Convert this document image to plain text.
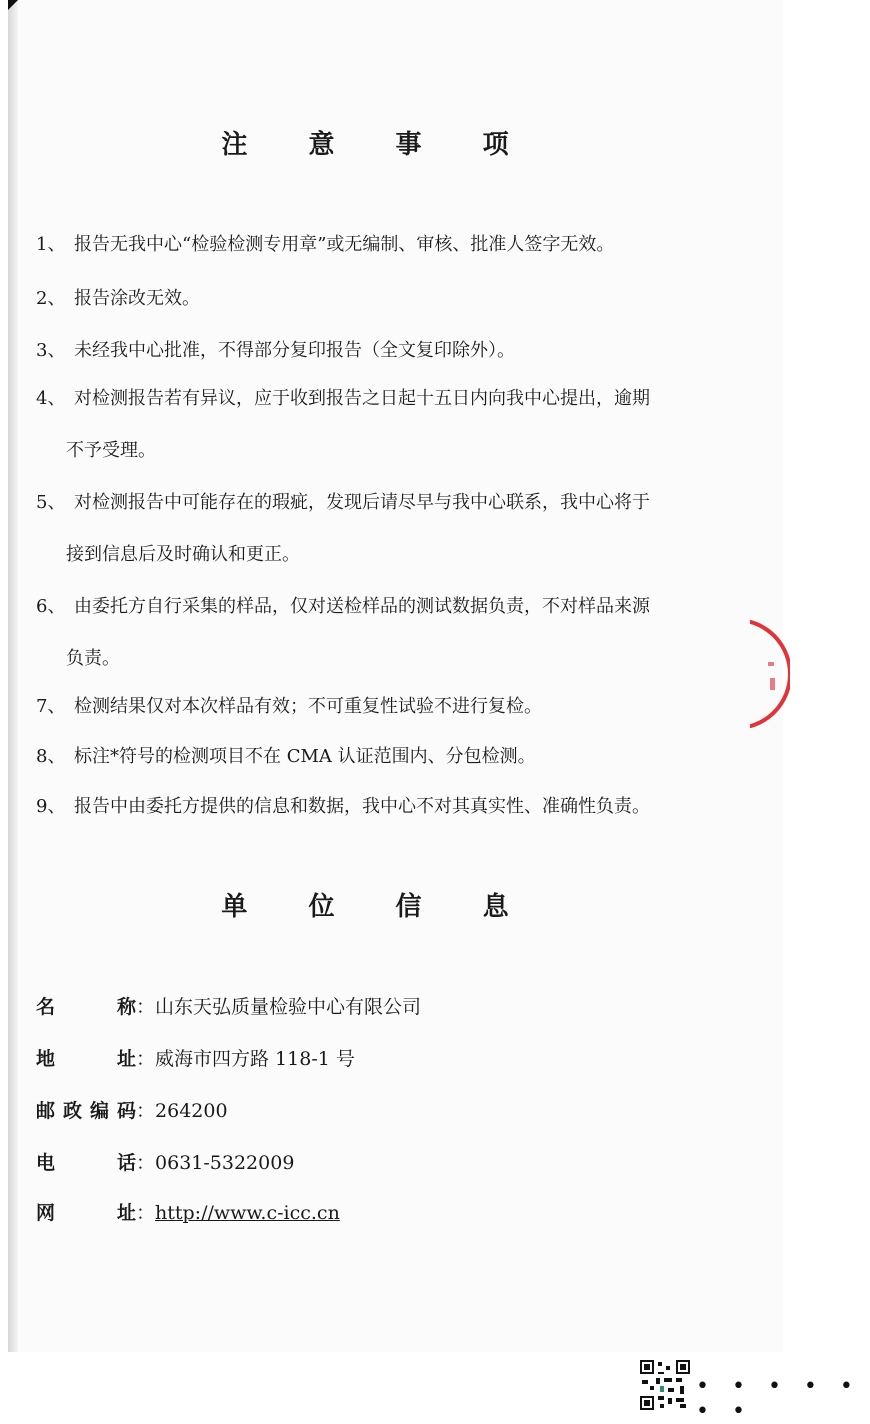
注 意 事 项
1、 报告无我中心“检验检测专用章”或无编制、审核、批准人签字无效。
2、 报告涂改无效。
3、 未经我中心批准，不得部分复印报告（全文复印除外）。
4、 对检测报告若有异议，应于收到报告之日起十五日内向我中心提出，逾期
不予受理。
5、 对检测报告中可能存在的瑕疵，发现后请尽早与我中心联系，我中心将于
接到信息后及时确认和更正。
6、 由委托方自行采集的样品，仅对送检样品的测试数据负责，不对样品来源
负责。
7、 检测结果仅对本次样品有效；不可重复性试验不进行复检。
8、 标注*符号的检测项目不在 CMA 认证范围内、分包检测。
9、 报告中由委托方提供的信息和数据，我中心不对其真实性、准确性负责。
单 位 信 息
名 称：山东天弘质量检验中心有限公司
地 址：威海市四方路 118-1 号
邮政编码：264200
电 话：0631-5322009
网 址：http://www.c-icc.cn
• • • • • • •
